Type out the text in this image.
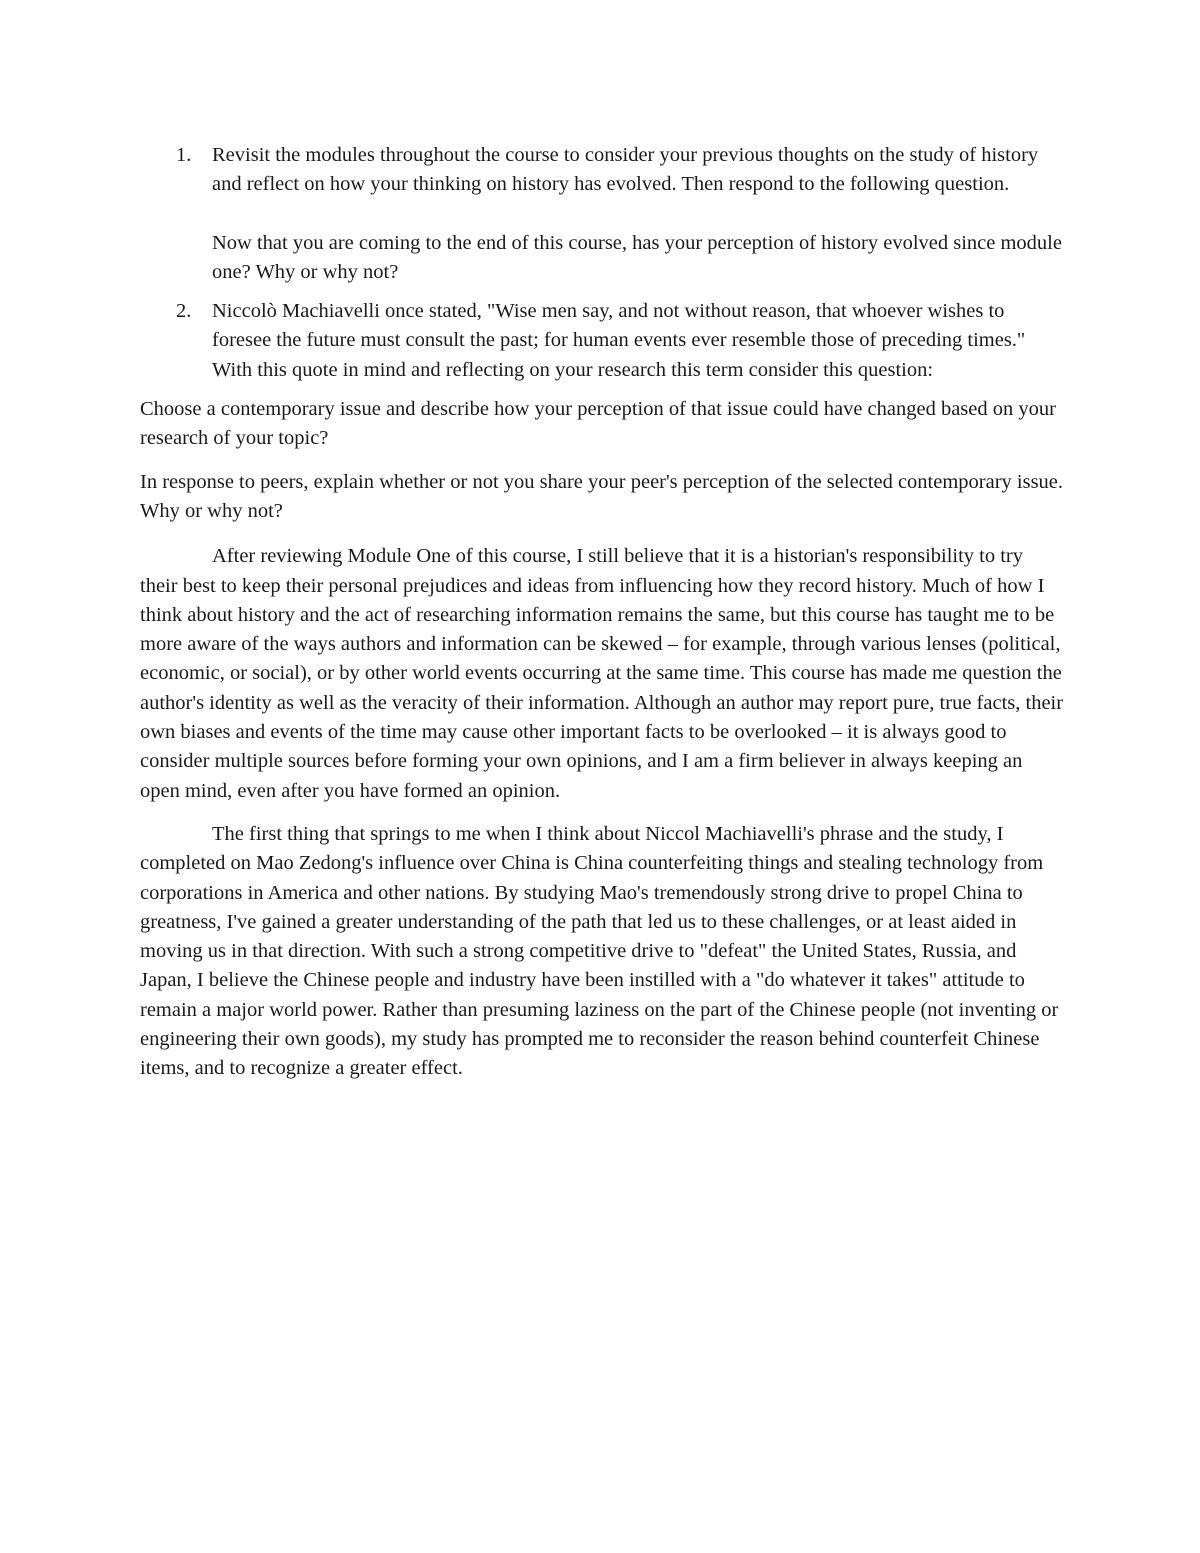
1. Revisit the modules throughout the course to consider your previous thoughts on the study of history and reflect on how your thinking on history has evolved. Then respond to the following question.

Now that you are coming to the end of this course, has your perception of history evolved since module one? Why or why not?

2. Niccolò Machiavelli once stated, "Wise men say, and not without reason, that whoever wishes to foresee the future must consult the past; for human events ever resemble those of preceding times." With this quote in mind and reflecting on your research this term consider this question:

Choose a contemporary issue and describe how your perception of that issue could have changed based on your research of your topic?

In response to peers, explain whether or not you share your peer's perception of the selected contemporary issue. Why or why not?

After reviewing Module One of this course, I still believe that it is a historian's responsibility to try their best to keep their personal prejudices and ideas from influencing how they record history. Much of how I think about history and the act of researching information remains the same, but this course has taught me to be more aware of the ways authors and information can be skewed – for example, through various lenses (political, economic, or social), or by other world events occurring at the same time. This course has made me question the author's identity as well as the veracity of their information. Although an author may report pure, true facts, their own biases and events of the time may cause other important facts to be overlooked – it is always good to consider multiple sources before forming your own opinions, and I am a firm believer in always keeping an open mind, even after you have formed an opinion.

The first thing that springs to me when I think about Niccol Machiavelli's phrase and the study, I completed on Mao Zedong's influence over China is China counterfeiting things and stealing technology from corporations in America and other nations. By studying Mao's tremendously strong drive to propel China to greatness, I've gained a greater understanding of the path that led us to these challenges, or at least aided in moving us in that direction. With such a strong competitive drive to "defeat" the United States, Russia, and Japan, I believe the Chinese people and industry have been instilled with a "do whatever it takes" attitude to remain a major world power. Rather than presuming laziness on the part of the Chinese people (not inventing or engineering their own goods), my study has prompted me to reconsider the reason behind counterfeit Chinese items, and to recognize a greater effect.
